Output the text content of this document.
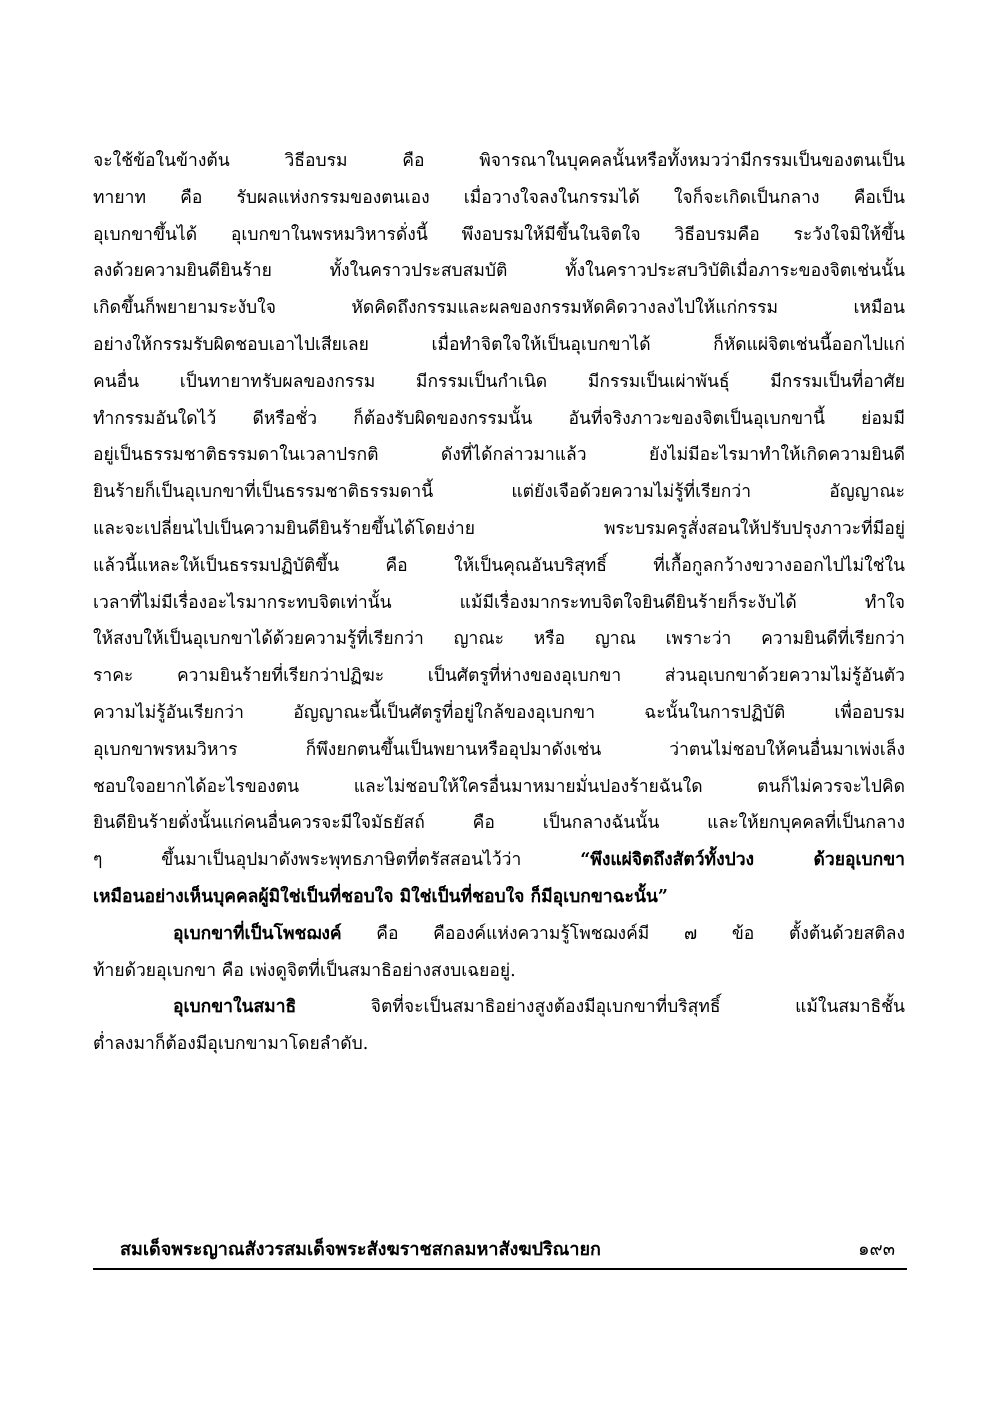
จะใช้ข้อในข้างต้น วิธีอบรม คือ พิจารณาในบุคคลนั้นหรือทั้งหมวว่ามีกรรมเป็นของตนเป็น
ทายาท คือ รับผลแห่งกรรมของตนเอง เมื่อวางใจลงในกรรมได้ ใจก็จะเกิดเป็นกลาง คือเป็น
อุเบกขาขึ้นได้ อุเบกขาในพรหมวิหารดั่งนี้ พึงอบรมให้มีขึ้นในจิตใจ วิธีอบรมคือ ระวังใจมิให้ขึ้น
ลงด้วยความยินดียินร้าย ทั้งในคราวประสบสมบัติ ทั้งในคราวประสบวิบัติเมื่อภาระของจิตเช่นนั้น
เกิดขึ้นก็พยายามระงับใจ หัดคิดถึงกรรมและผลของกรรมหัดคิดวางลงไปให้แก่กรรม เหมือน
อย่างให้กรรมรับผิดชอบเอาไปเสียเลย เมื่อทำจิตใจให้เป็นอุเบกขาได้ ก็หัดแผ่จิตเช่นนี้ออกไปแก่
คนอื่น เป็นทายาทรับผลของกรรม มีกรรมเป็นกำเนิด มีกรรมเป็นเผ่าพันธุ์ มีกรรมเป็นที่อาศัย
ทำกรรมอันใดไว้ ดีหรือชั่ว ก็ต้องรับผิดของกรรมนั้น อันที่จริงภาวะของจิตเป็นอุเบกขานี้ ย่อมมี
อยู่เป็นธรรมชาติธรรมดาในเวลาปรกติ ดังที่ได้กล่าวมาแล้ว ยังไม่มีอะไรมาทำให้เกิดความยินดี
ยินร้ายก็เป็นอุเบกขาที่เป็นธรรมชาติธรรมดานี้ แต่ยังเจือด้วยความไม่รู้ที่เรียกว่า อัญญาณะ
และจะเปลี่ยนไปเป็นความยินดียินร้ายขึ้นได้โดยง่าย พระบรมครูสั่งสอนให้ปรับปรุงภาวะที่มีอยู่
แล้วนี้แหละให้เป็นธรรมปฏิบัติขึ้น คือ ให้เป็นคุณอันบริสุทธิ์ ที่เกื้อกูลกว้างขวางออกไปไม่ใช่ใน
เวลาที่ไม่มีเรื่องอะไรมากระทบจิตเท่านั้น แม้มีเรื่องมากระทบจิตใจยินดียินร้ายก็ระงับได้ ทำใจ
ให้สงบให้เป็นอุเบกขาได้ด้วยความรู้ที่เรียกว่า ญาณะ หรือ ญาณ เพราะว่า ความยินดีที่เรียกว่า
ราคะ ความยินร้ายที่เรียกว่าปฏิฆะ เป็นศัตรูที่ห่างของอุเบกขา ส่วนอุเบกขาด้วยความไม่รู้อันตัว
ความไม่รู้อันเรียกว่า อัญญาณะนี้เป็นศัตรูที่อยู่ใกล้ของอุเบกขา ฉะนั้นในการปฏิบัติ เพื่ออบรม
อุเบกขาพรหมวิหาร ก็พึงยกตนขึ้นเป็นพยานหรืออุปมาดังเช่น ว่าตนไม่ชอบให้คนอื่นมาเพ่งเล็ง
ชอบใจอยากได้อะไรของตน และไม่ชอบให้ใครอื่นมาหมายมั่นปองร้ายฉันใด ตนก็ไม่ควรจะไปคิด
ยินดียินร้ายดั่งนั้นแก่คนอื่นควรจะมีใจมัธยัสถ์ คือ เป็นกลางฉันนั้น และให้ยกบุคคลที่เป็นกลาง
ๆ ขึ้นมาเป็นอุปมาดังพระพุทธภาษิตที่ตรัสสอนไว้ว่า	“พึงแผ่จิตถึงสัตว์ทั้งปวง ด้วยอุเบกขา
เหมือนอย่างเห็นบุคคลผู้มิใช่เป็นที่ชอบใจ มิใช่เป็นที่ชอบใจ ก็มีอุเบกขาฉะนั้น”
อุเบกขาที่เป็นโพชฌงค์ คือ คือองค์แห่งความรู้โพชฌงค์มี ๗ ข้อ ตั้งต้นด้วยสติลง
ท้ายด้วยอุเบกขา คือ เพ่งดูจิตที่เป็นสมาธิอย่างสงบเฉยอยู่.
อุเบกขาในสมาธิ จิตที่จะเป็นสมาธิอย่างสูงต้องมีอุเบกขาที่บริสุทธิ์ แม้ในสมาธิชั้น
ต่ำลงมาก็ต้องมีอุเบกขามาโดยลำดับ.
สมเด็จพระญาณสังวรสมเด็จพระสังฆราชสกลมหาสังฆปริณายก	๑๙๓
